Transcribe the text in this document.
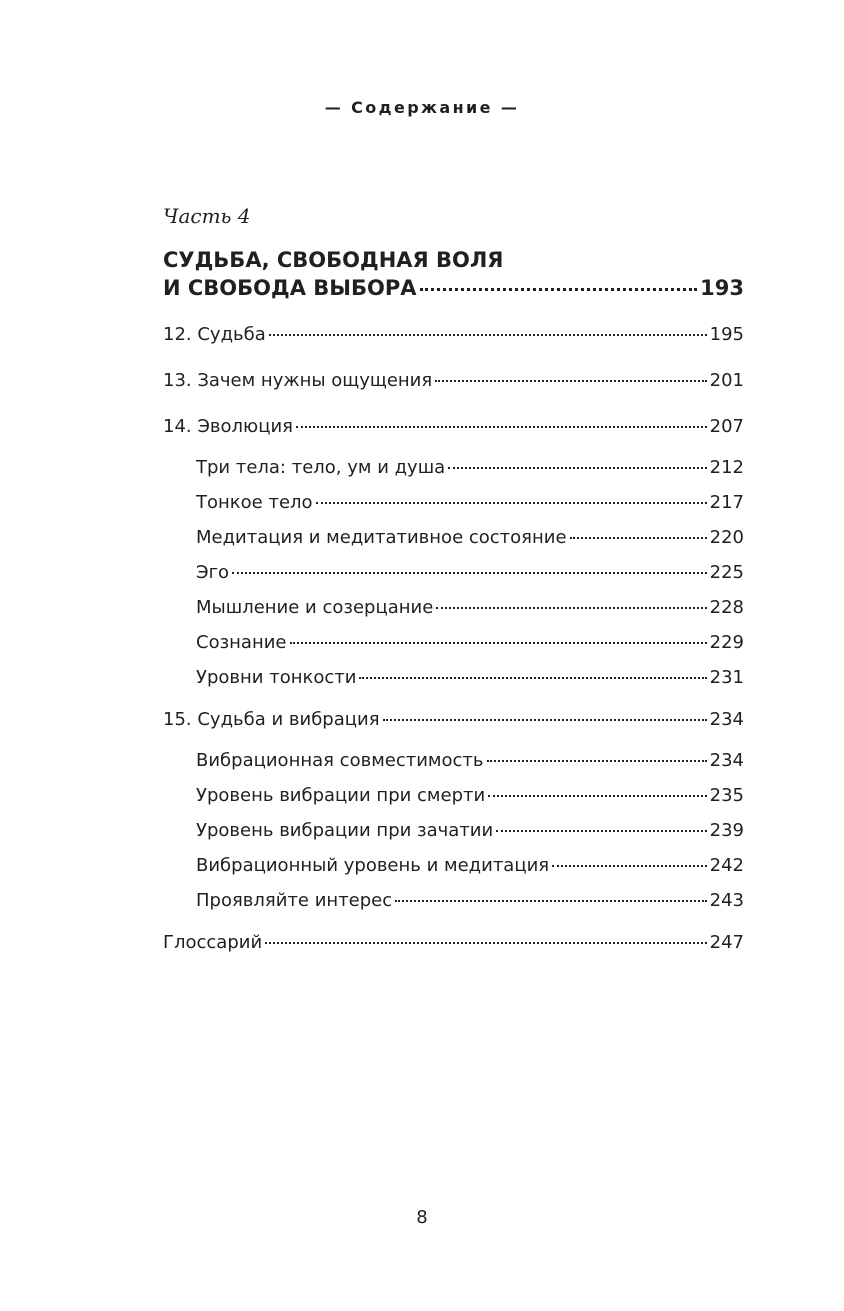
— Содержание —
Часть 4
СУДЬБА, СВОБОДНАЯ ВОЛЯ
И СВОБОДА ВЫБОРА	193
12. Судьба	195
13. Зачем нужны ощущения	201
14. Эволюция	207
Три тела: тело, ум и душа	212
Тонкое тело	217
Медитация и медитативное состояние	220
Эго	225
Мышление и созерцание	228
Сознание	229
Уровни тонкости	231
15. Судьба и вибрация	234
Вибрационная совместимость	234
Уровень вибрации при смерти	235
Уровень вибрации при зачатии	239
Вибрационный уровень и медитация	242
Проявляйте интерес	243
Глоссарий	247
8
